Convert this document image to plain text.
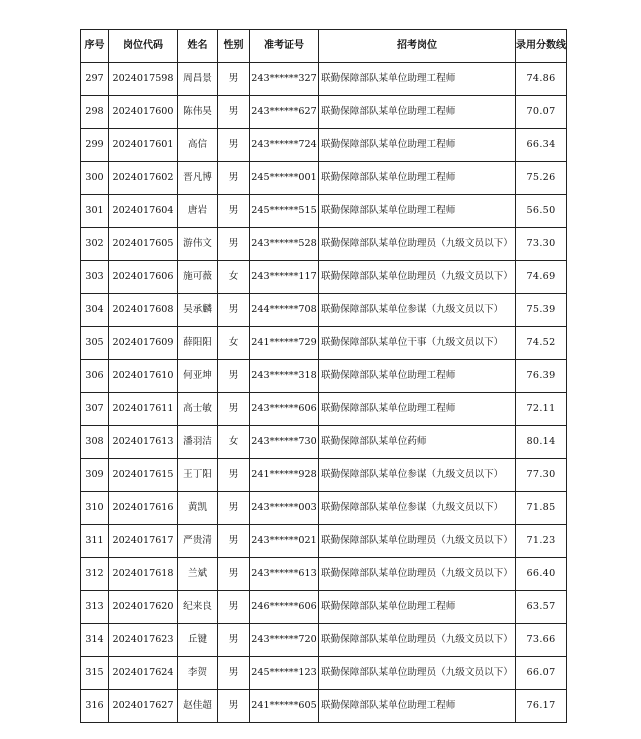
序号	岗位代码	姓名	性别	准考证号	招考岗位	录用分数线
297	2024017598	周昌景	男	243******327	联勤保障部队某单位助理工程师	74.86
298	2024017600	陈伟昊	男	243******627	联勤保障部队某单位助理工程师	70.07
299	2024017601	高信	男	243******724	联勤保障部队某单位助理工程师	66.34
300	2024017602	晋凡博	男	245******001	联勤保障部队某单位助理工程师	75.26
301	2024017604	唐岩	男	245******515	联勤保障部队某单位助理工程师	56.50
302	2024017605	游伟文	男	243******528	联勤保障部队某单位助理员（九级文员以下）	73.30
303	2024017606	施可薇	女	243******117	联勤保障部队某单位助理员（九级文员以下）	74.69
304	2024017608	吴承麟	男	244******708	联勤保障部队某单位参谋（九级文员以下）	75.39
305	2024017609	薛阳阳	女	241******729	联勤保障部队某单位干事（九级文员以下）	74.52
306	2024017610	何亚坤	男	243******318	联勤保障部队某单位助理工程师	76.39
307	2024017611	高士敏	男	243******606	联勤保障部队某单位助理工程师	72.11
308	2024017613	潘羽洁	女	243******730	联勤保障部队某单位药师	80.14
309	2024017615	王丁阳	男	241******928	联勤保障部队某单位参谋（九级文员以下）	77.30
310	2024017616	黄凯	男	243******003	联勤保障部队某单位参谋（九级文员以下）	71.85
311	2024017617	严贵清	男	243******021	联勤保障部队某单位助理员（九级文员以下）	71.23
312	2024017618	兰斌	男	243******613	联勤保障部队某单位助理员（九级文员以下）	66.40
313	2024017620	纪来良	男	246******606	联勤保障部队某单位助理工程师	63.57
314	2024017623	丘键	男	243******720	联勤保障部队某单位助理员（九级文员以下）	73.66
315	2024017624	李贺	男	245******123	联勤保障部队某单位助理员（九级文员以下）	66.07
316	2024017627	赵佳超	男	241******605	联勤保障部队某单位助理工程师	76.17
